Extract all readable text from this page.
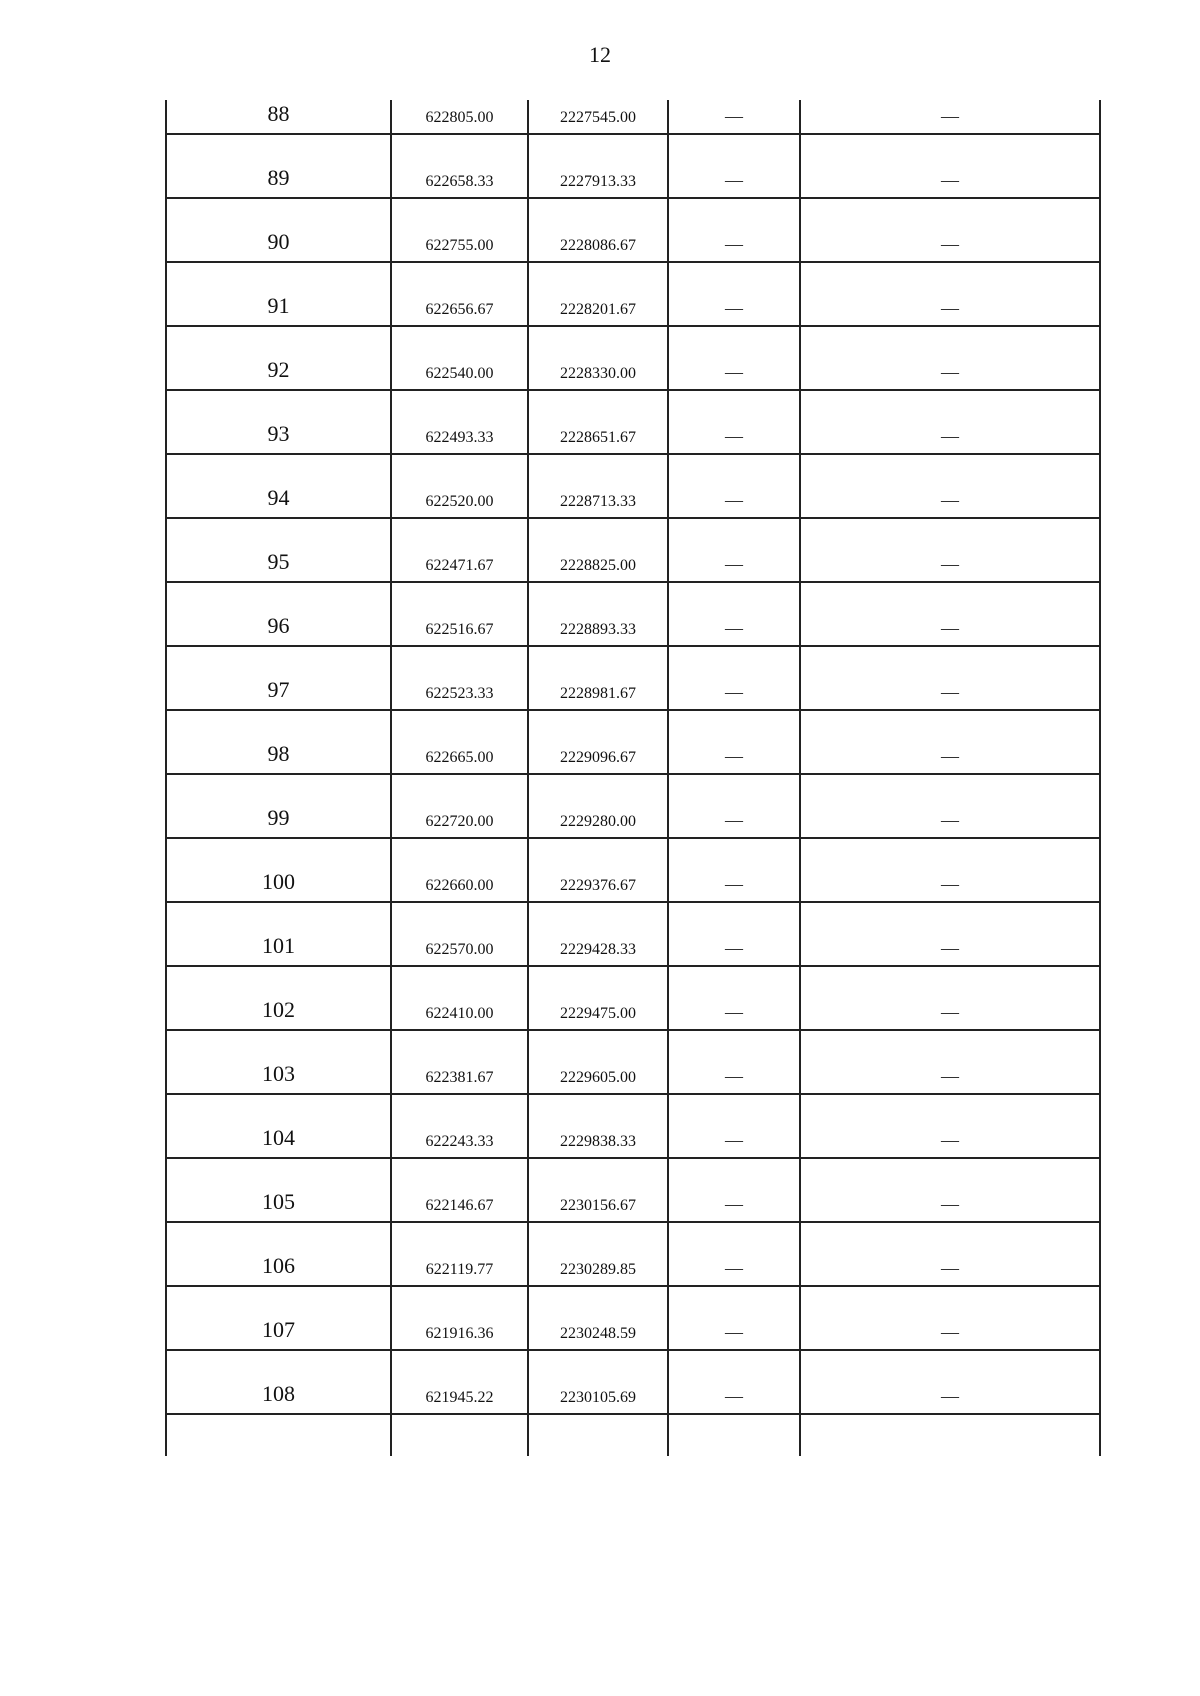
12
88	622805.00	2227545.00	—	—
89	622658.33	2227913.33	—	—
90	622755.00	2228086.67	—	—
91	622656.67	2228201.67	—	—
92	622540.00	2228330.00	—	—
93	622493.33	2228651.67	—	—
94	622520.00	2228713.33	—	—
95	622471.67	2228825.00	—	—
96	622516.67	2228893.33	—	—
97	622523.33	2228981.67	—	—
98	622665.00	2229096.67	—	—
99	622720.00	2229280.00	—	—
100	622660.00	2229376.67	—	—
101	622570.00	2229428.33	—	—
102	622410.00	2229475.00	—	—
103	622381.67	2229605.00	—	—
104	622243.33	2229838.33	—	—
105	622146.67	2230156.67	—	—
106	622119.77	2230289.85	—	—
107	621916.36	2230248.59	—	—
108	621945.22	2230105.69	—	—
